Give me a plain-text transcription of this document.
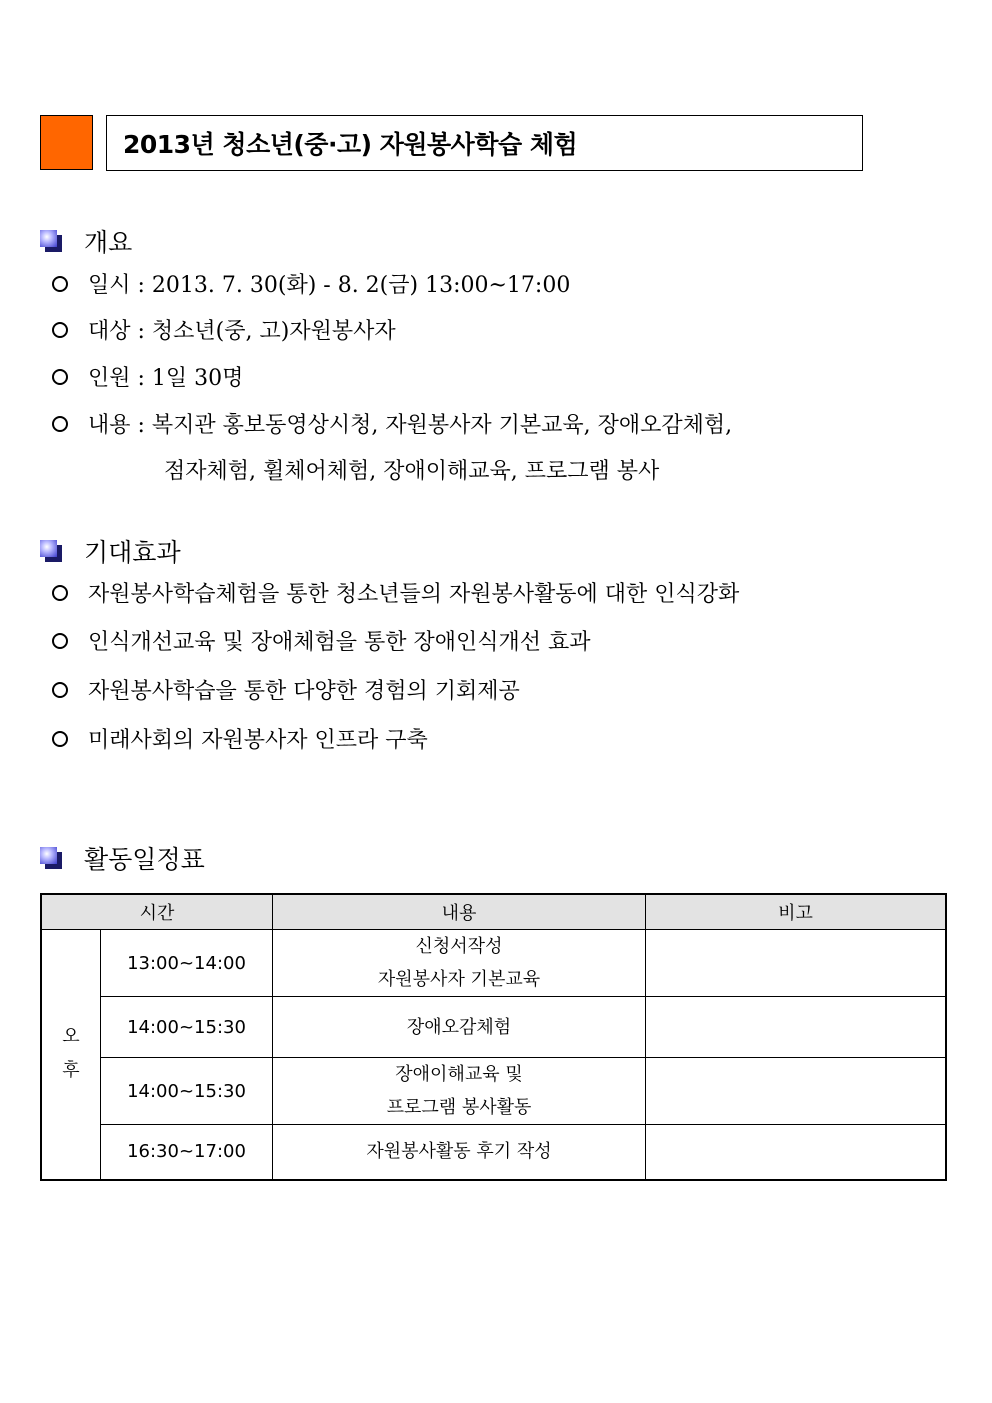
2013년 청소년(중·고) 자원봉사학습 체험
개요
일시 : 2013. 7. 30(화) - 8. 2(금) 13:00~17:00
대상 : 청소년(중, 고)자원봉사자
인원 : 1일 30명
내용 : 복지관 홍보동영상시청, 자원봉사자 기본교육, 장애오감체험,
점자체험, 휠체어체험, 장애이해교육, 프로그램 봉사
기대효과
자원봉사학습체험을 통한 청소년들의 자원봉사활동에 대한 인식강화
인식개선교육 및 장애체험을 통한 장애인식개선 효과
자원봉사학습을 통한 다양한 경험의 기회제공
미래사회의 자원봉사자 인프라 구축
활동일정표
시간		내용	비고

오
후	13:00~14:00	신청서작성
자원봉사자 기본교육	

	14:00~15:30	장애오감체험	

	14:00~15:30	장애이해교육 및
프로그램 봉사활동	

	16:30~17:00	자원봉사활동 후기 작성	
